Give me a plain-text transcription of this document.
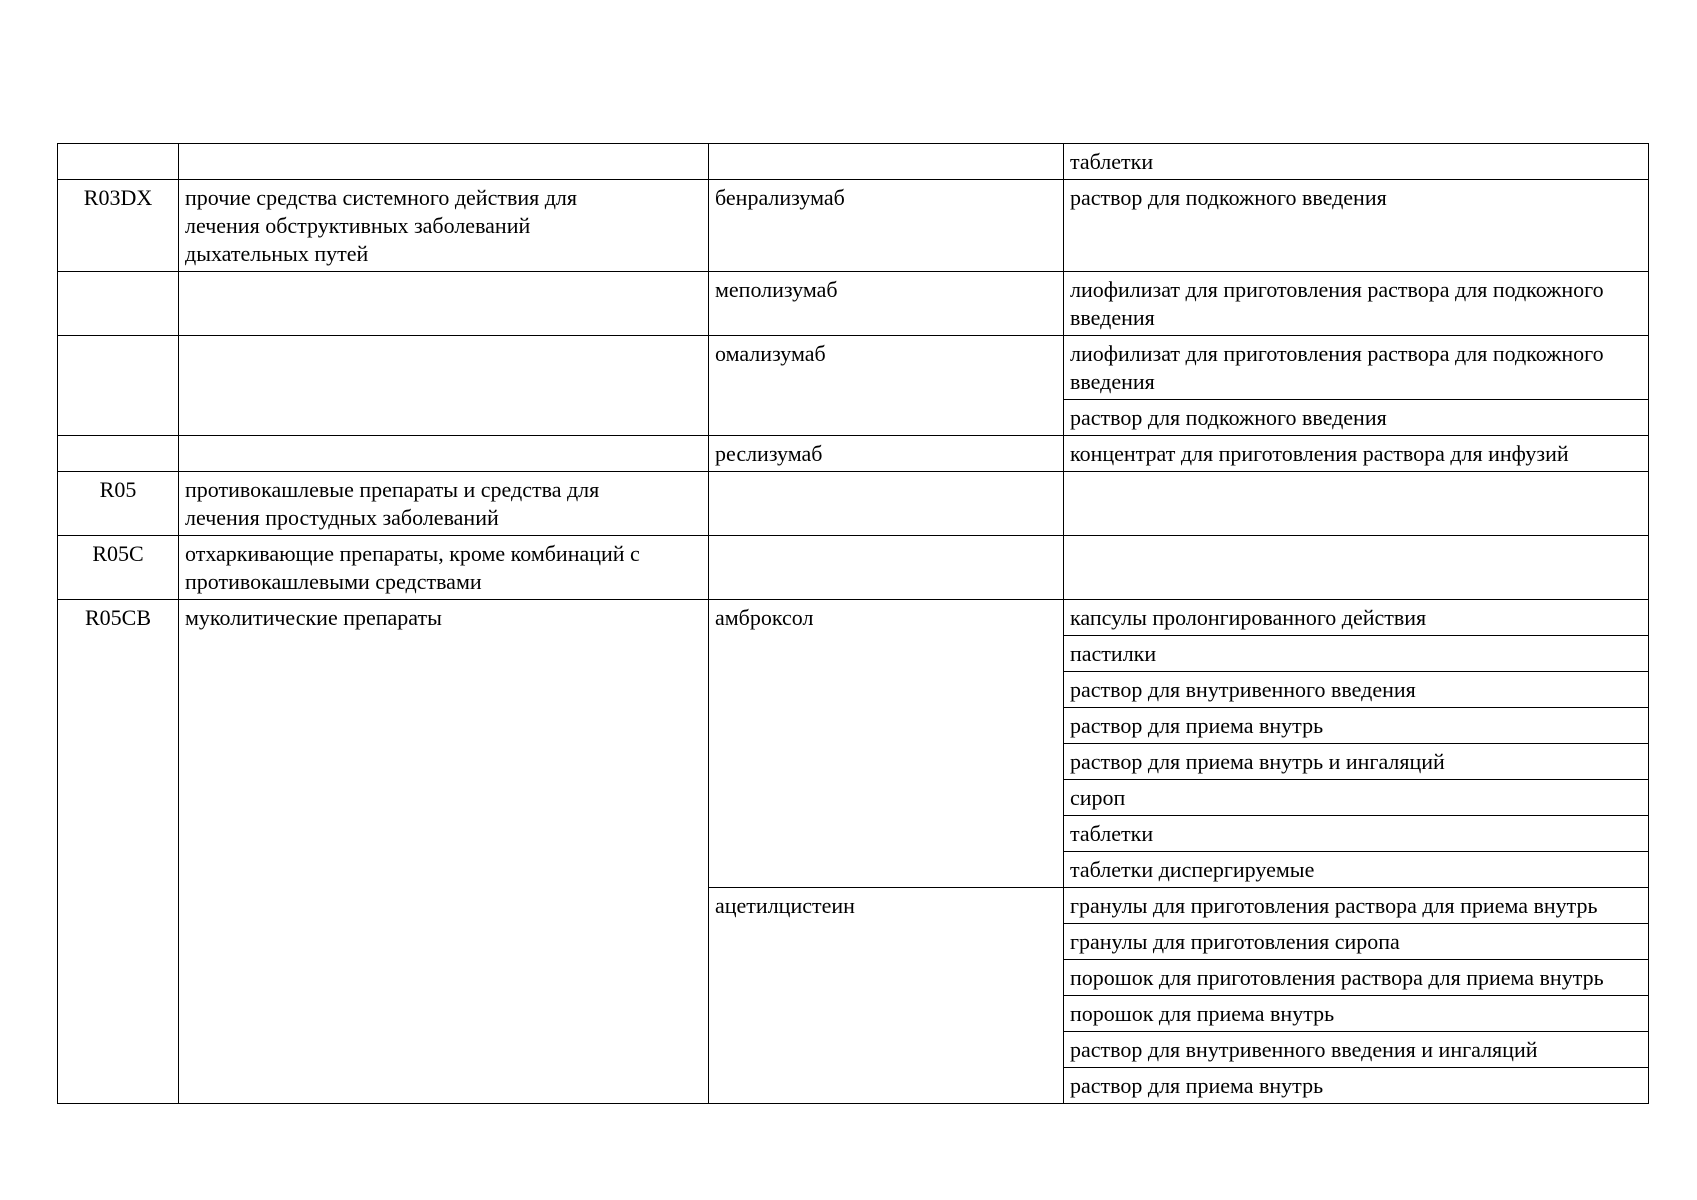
			таблетки
R03DX	прочие средства системного действия для
лечения обструктивных заболеваний
дыхательных путей	бенрализумаб	раствор для подкожного введения
		меполизумаб	лиофилизат для приготовления раствора для подкожного введения
		омализумаб	лиофилизат для приготовления раствора для подкожного введения
			раствор для подкожного введения
		реслизумаб	концентрат для приготовления раствора для инфузий
R05	противокашлевые препараты и средства для
лечения простудных заболеваний		

R05C	отхаркивающие препараты, кроме комбинаций с
противокашлевыми средствами		

R05CB	муколитические препараты	амброксол	капсулы пролонгированного действия
			пастилки
			раствор для внутривенного введения
			раствор для приема внутрь
			раствор для приема внутрь и ингаляций
			сироп
			таблетки
			таблетки диспергируемые
		ацетилцистеин	гранулы для приготовления раствора для приема внутрь
			гранулы для приготовления сиропа
			порошок для приготовления раствора для приема внутрь
			порошок для приема внутрь
			раствор для внутривенного введения и ингаляций
			раствор для приема внутрь
